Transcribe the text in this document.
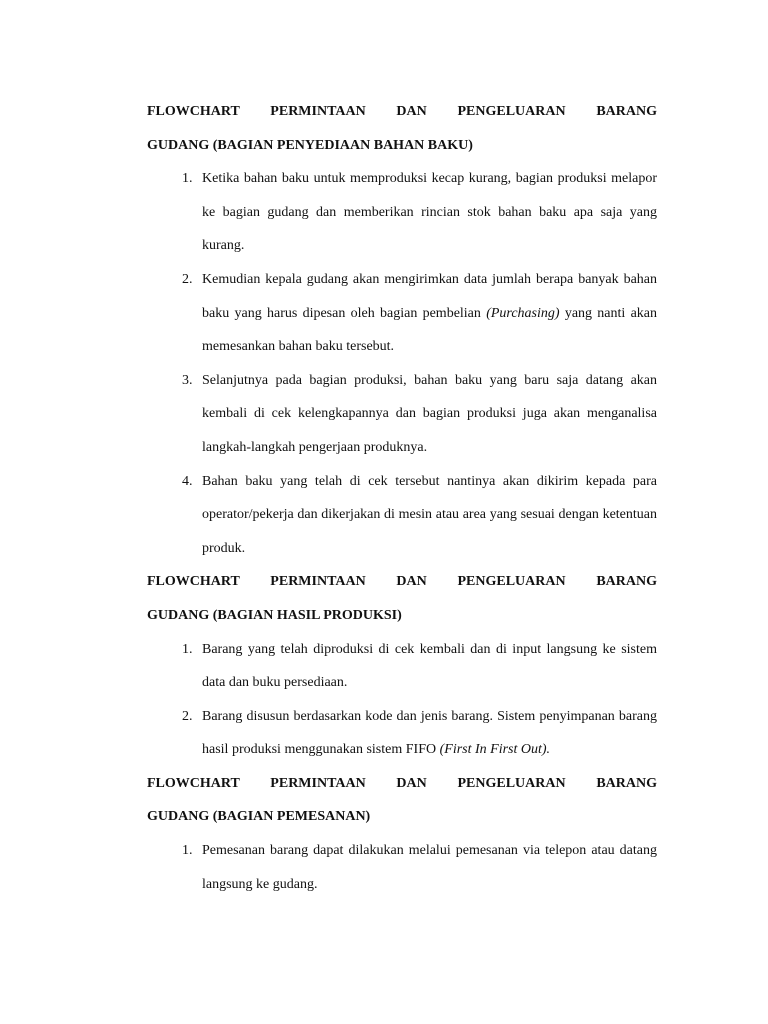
FLOWCHART PERMINTAAN DAN PENGELUARAN BARANG
GUDANG (BAGIAN PENYEDIAAN BAHAN BAKU)

1. Ketika bahan baku untuk memproduksi kecap kurang, bagian produksi melapor ke bagian gudang dan memberikan rincian stok bahan baku apa saja yang kurang.
2. Kemudian kepala gudang akan mengirimkan data jumlah berapa banyak bahan baku yang harus dipesan oleh bagian pembelian (Purchasing) yang nanti akan memesankan bahan baku tersebut.
3. Selanjutnya pada bagian produksi, bahan baku yang baru saja datang akan kembali di cek kelengkapannya dan bagian produksi juga akan menganalisa langkah-langkah pengerjaan produknya.
4. Bahan baku yang telah di cek tersebut nantinya akan dikirim kepada para operator/pekerja dan dikerjakan di mesin atau area yang sesuai dengan ketentuan produk.

FLOWCHART PERMINTAAN DAN PENGELUARAN BARANG
GUDANG (BAGIAN HASIL PRODUKSI)

1. Barang yang telah diproduksi di cek kembali dan di input langsung ke sistem data dan buku persediaan.
2. Barang disusun berdasarkan kode dan jenis barang. Sistem penyimpanan barang hasil produksi menggunakan sistem FIFO (First In First Out).

FLOWCHART PERMINTAAN DAN PENGELUARAN BARANG
GUDANG (BAGIAN PEMESANAN)

1. Pemesanan barang dapat dilakukan melalui pemesanan via telepon atau datang langsung ke gudang.
